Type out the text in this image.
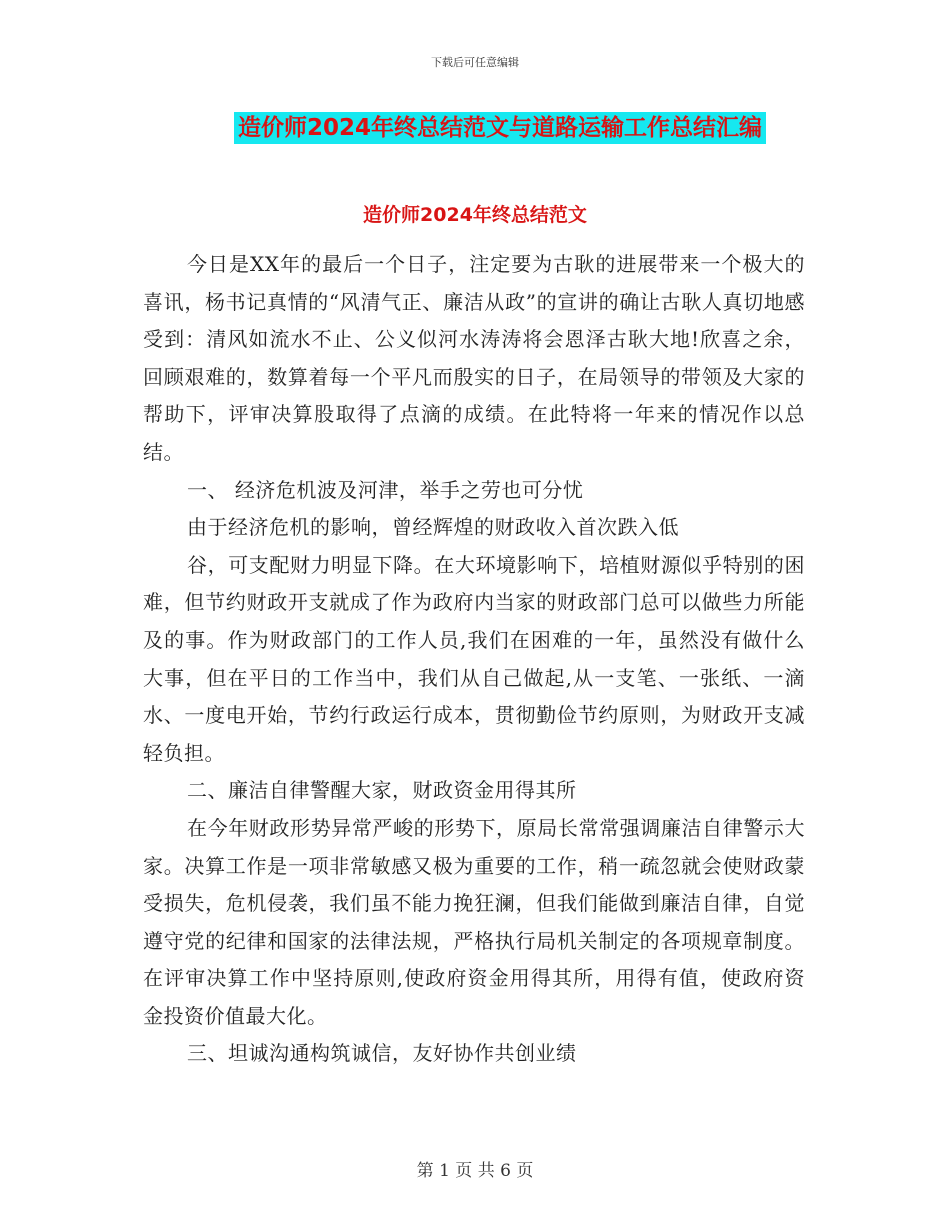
下载后可任意编辑
造价师2024年终总结范文与道路运输工作总结汇编
造价师2024年终总结范文

今日是XX年的最后一个日子，注定要为古耿的进展带来一个极大的喜讯，杨书记真情的“风清气正、廉洁从政”的宣讲的确让古耿人真切地感受到：清风如流水不止、公义似河水涛涛将会恩泽古耿大地!欣喜之余，回顾艰难的，数算着每一个平凡而殷实的日子，在局领导的带领及大家的帮助下，评审决算股取得了点滴的成绩。在此特将一年来的情况作以总结。

一、 经济危机波及河津，举手之劳也可分忧

由于经济危机的影响，曾经辉煌的财政收入首次跌入低

谷，可支配财力明显下降。在大环境影响下，培植财源似乎特别的困难，但节约财政开支就成了作为政府内当家的财政部门总可以做些力所能及的事。作为财政部门的工作人员,我们在困难的一年，虽然没有做什么大事，但在平日的工作当中，我们从自己做起,从一支笔、一张纸、一滴水、一度电开始，节约行政运行成本，贯彻勤俭节约原则，为财政开支减轻负担。

二、廉洁自律警醒大家，财政资金用得其所

在今年财政形势异常严峻的形势下，原局长常常强调廉洁自律警示大家。决算工作是一项非常敏感又极为重要的工作，稍一疏忽就会使财政蒙受损失，危机侵袭，我们虽不能力挽狂澜，但我们能做到廉洁自律，自觉遵守党的纪律和国家的法律法规，严格执行局机关制定的各项规章制度。在评审决算工作中坚持原则,使政府资金用得其所，用得有值，使政府资金投资价值最大化。

三、坦诚沟通构筑诚信，友好协作共创业绩

第 1 页 共 6 页
